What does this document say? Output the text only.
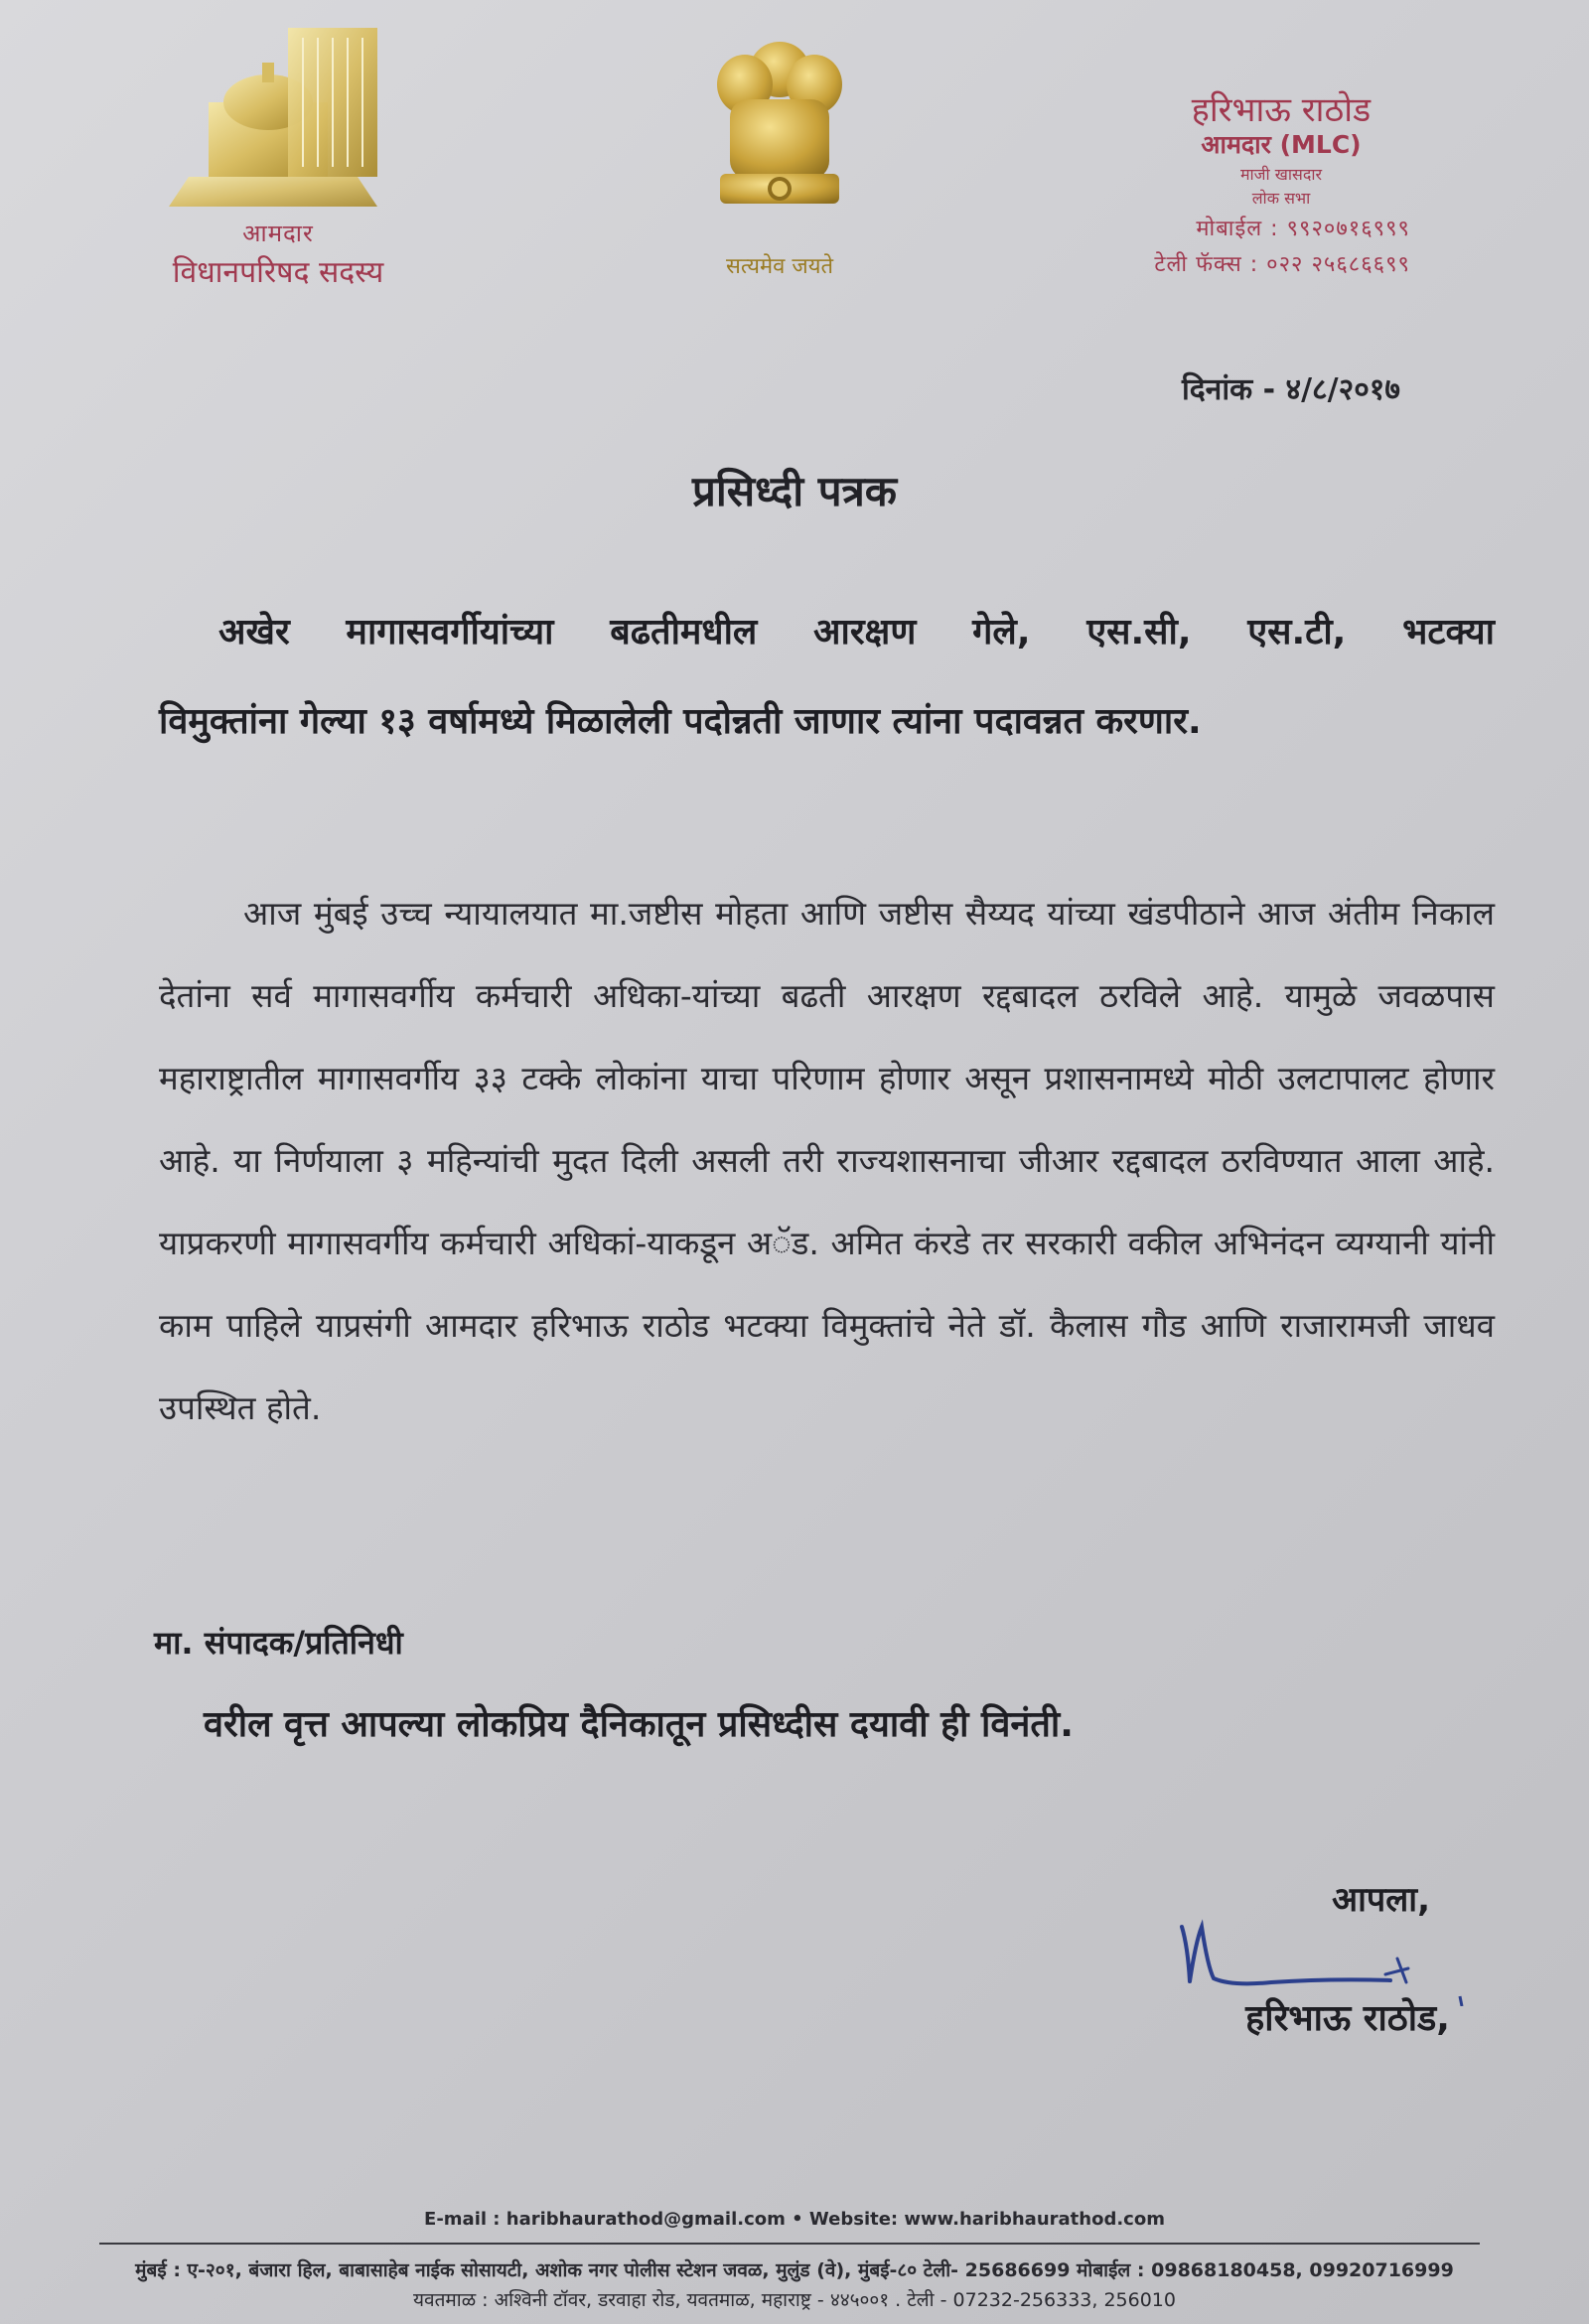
आमदार
विधानपरिषद सदस्य	सत्यमेव जयते
हरिभाऊ राठोड
आमदार (MLC)
माजी खासदार
लोक सभा
मोबाईल : ९९२०७१६९९९
टेली फॅक्स : ०२२ २५६८६६९९
दिनांक - ४/८/२०१७
प्रसिध्दी पत्रक
अखेर मागासवर्गीयांच्या बढतीमधील आरक्षण गेले, एस.सी, एस.टी, भटक्या
विमुक्तांना गेल्या १३ वर्षामध्ये मिळालेली पदोन्नती जाणार त्यांना पदावन्नत करणार.
आज मुंबई उच्च न्यायालयात मा.जष्टीस मोहता आणि जष्टीस सैय्यद यांच्या खंडपीठाने आज अंतीम निकाल देतांना सर्व मागासवर्गीय कर्मचारी अधिका-यांच्या बढती आरक्षण रद्दबादल ठरविले आहे. यामुळे जवळपास महाराष्ट्रातील मागासवर्गीय ३३ टक्के लोकांना याचा परिणाम होणार असून प्रशासनामध्ये मोठी उलटापालट होणार आहे. या निर्णयाला ३ महिन्यांची मुदत दिली असली तरी राज्यशासनाचा जीआर रद्दबादल ठरविण्यात आला आहे. याप्रकरणी मागासवर्गीय कर्मचारी अधिकां-याकडून अॅड. अमित कंरडे तर सरकारी वकील अभिनंदन व्यग्यानी यांनी काम पाहिले याप्रसंगी आमदार हरिभाऊ राठोड भटक्या विमुक्तांचे नेते डॉ. कैलास गौड आणि राजारामजी जाधव उपस्थित होते.
मा. संपादक/प्रतिनिधी
वरील वृत्त आपल्या लोकप्रिय दैनिकातून प्रसिध्दीस दयावी ही विनंती.
आपला,
हरिभाऊ राठोड,
E-mail : haribhaurathod@gmail.com • Website: www.haribhaurathod.com
मुंबई : ए-२०१, बंजारा हिल, बाबासाहेब नाईक सोसायटी, अशोक नगर पोलीस स्टेशन जवळ, मुलुंड (वे), मुंबई-८० टेली- 25686699 मोबाईल : 09868180458, 09920716999
यवतमाळ : अश्विनी टॉवर, डरवाहा रोड, यवतमाळ, महाराष्ट्र - ४४५००१ . टेली - 07232-256333, 256010
